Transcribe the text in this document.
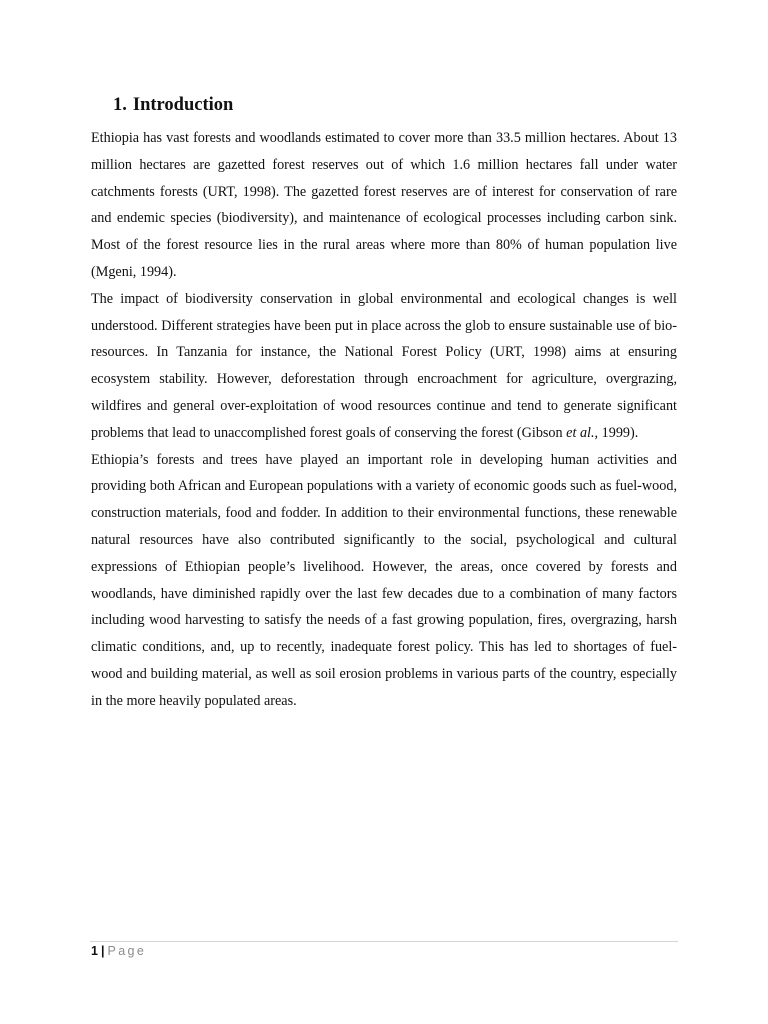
1. Introduction

Ethiopia has vast forests and woodlands estimated to cover more than 33.5 million hectares. About 13 million hectares are gazetted forest reserves out of which 1.6 million hectares fall under water catchments forests (URT, 1998). The gazetted forest reserves are of interest for conservation of rare and endemic species (biodiversity), and maintenance of ecological processes including carbon sink. Most of the forest resource lies in the rural areas where more than 80% of human population live (Mgeni, 1994).

The impact of biodiversity conservation in global environmental and ecological changes is well understood. Different strategies have been put in place across the glob to ensure sustainable use of bio-resources. In Tanzania for instance, the National Forest Policy (URT, 1998) aims at ensuring ecosystem stability. However, deforestation through encroachment for agriculture, overgrazing, wildfires and general over-exploitation of wood resources continue and tend to generate significant problems that lead to unaccomplished forest goals of conserving the forest (Gibson et al., 1999).

Ethiopia’s forests and trees have played an important role in developing human activities and providing both African and European populations with a variety of economic goods such as fuel-wood, construction materials, food and fodder. In addition to their environmental functions, these renewable natural resources have also contributed significantly to the social, psychological and cultural expressions of Ethiopian people’s livelihood. However, the areas, once covered by forests and woodlands, have diminished rapidly over the last few decades due to a combination of many factors including wood harvesting to satisfy the needs of a fast growing population, fires, overgrazing, harsh climatic conditions, and, up to recently, inadequate forest policy. This has led to shortages of fuel-wood and building material, as well as soil erosion problems in various parts of the country, especially in the more heavily populated areas.

1 | Page
